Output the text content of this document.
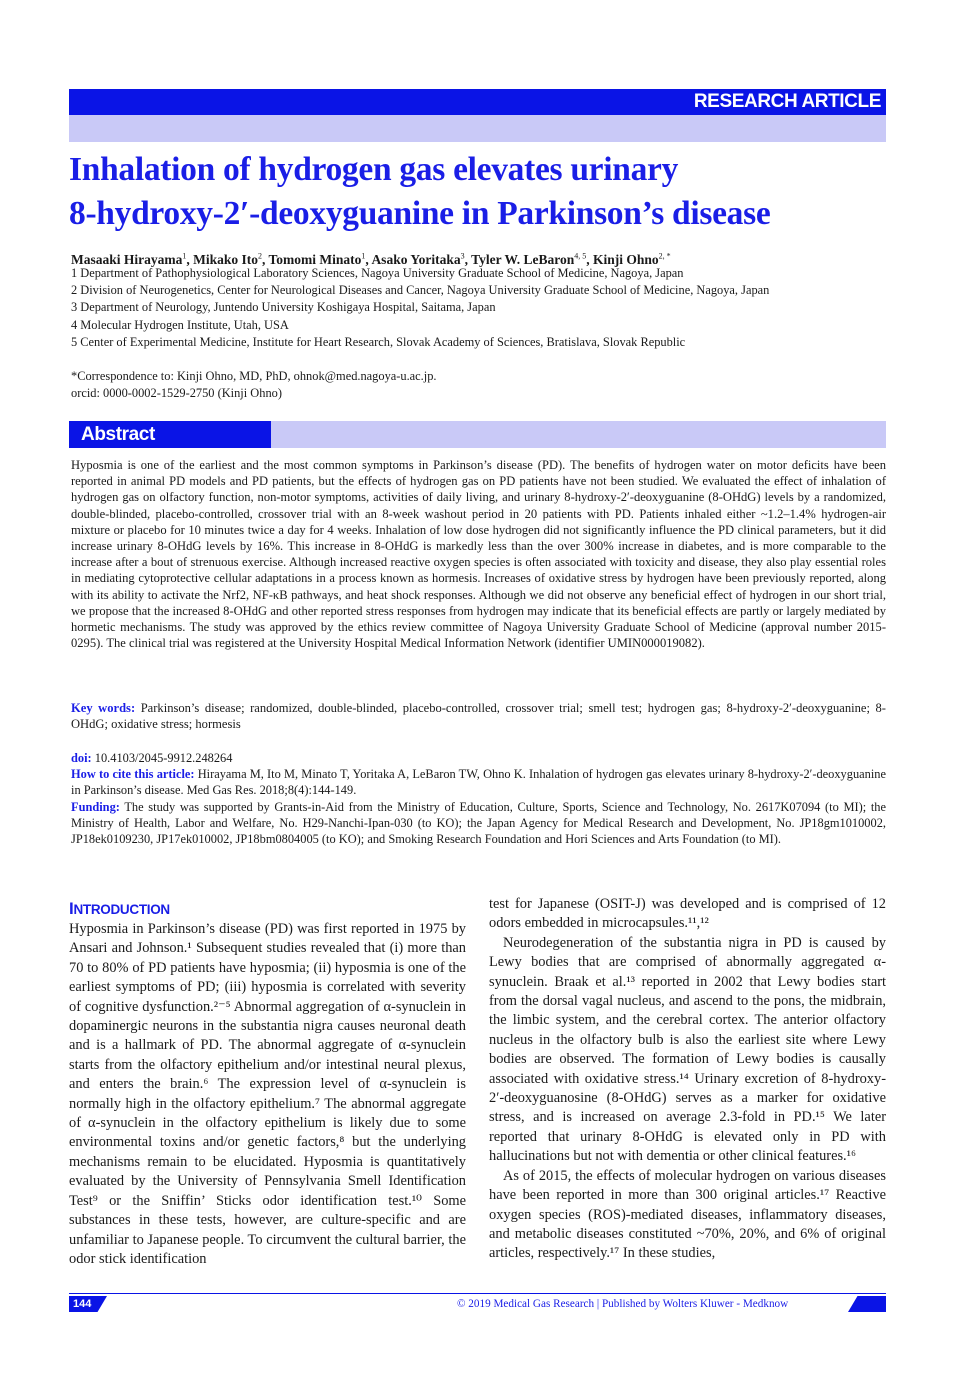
RESEARCH ARTICLE
Inhalation of hydrogen gas elevates urinary
8-hydroxy-2′-deoxyguanine in Parkinson’s disease
Masaaki Hirayama$^1$, Mikako Ito$^2$, Tomomi Minato$^1$, Asako Yoritaka$^3$, Tyler W. LeBaron$^{4, 5}$, Kinji Ohno$^{2, *}$
1 Department of Pathophysiological Laboratory Sciences, Nagoya University Graduate School of Medicine, Nagoya, Japan
2 Division of Neurogenetics, Center for Neurological Diseases and Cancer, Nagoya University Graduate School of Medicine, Nagoya, Japan
3 Department of Neurology, Juntendo University Koshigaya Hospital, Saitama, Japan
4 Molecular Hydrogen Institute, Utah, USA
5 Center of Experimental Medicine, Institute for Heart Research, Slovak Academy of Sciences, Bratislava, Slovak Republic
*Correspondence to: Kinji Ohno, MD, PhD, ohnok@med.nagoya-u.ac.jp.
orcid: 0000-0002-1529-2750 (Kinji Ohno)
Abstract

Hyposmia is one of the earliest and the most common symptoms in Parkinson’s disease (PD). The benefits of hydrogen water on motor deficits have been reported in animal PD models and PD patients, but the effects of hydrogen gas on PD patients have not been studied. We evaluated the effect of inhalation of hydrogen gas on olfactory function, non-motor symptoms, activities of daily living, and urinary 8-hydroxy-2′-deoxyguanine (8-OHdG) levels by a randomized, double-blinded, placebo-controlled, crossover trial with an 8-week washout period in 20 patients with PD. Patients inhaled either ~1.2–1.4% hydrogen-air mixture or placebo for 10 minutes twice a day for 4 weeks. Inhalation of low dose hydrogen did not significantly influence the PD clinical parameters, but it did increase urinary 8-OHdG levels by 16%. This increase in 8-OHdG is markedly less than the over 300% increase in diabetes, and is more comparable to the increase after a bout of strenuous exercise. Although increased reactive oxygen species is often associated with toxicity and disease, they also play essential roles in mediating cytoprotective cellular adaptations in a process known as hormesis. Increases of oxidative stress by hydrogen have been previously reported, along with its ability to activate the Nrf2, NF-κB pathways, and heat shock responses. Although we did not observe any beneficial effect of hydrogen in our short trial, we propose that the increased 8-OHdG and other reported stress responses from hydrogen may indicate that its beneficial effects are partly or largely mediated by hormetic mechanisms. The study was approved by the ethics review committee of Nagoya University Graduate School of Medicine (approval number 2015-0295). The clinical trial was registered at the University Hospital Medical Information Network (identifier UMIN000019082).

Key words: Parkinson’s disease; randomized, double-blinded, placebo-controlled, crossover trial; smell test; hydrogen gas; 8-hydroxy-2′-deoxyguanine; 8-OHdG; oxidative stress; hormesis

doi: 10.4103/2045-9912.248264

How to cite this article: Hirayama M, Ito M, Minato T, Yoritaka A, LeBaron TW, Ohno K. Inhalation of hydrogen gas elevates urinary 8-hydroxy-2′-deoxyguanine in Parkinson’s disease. Med Gas Res. 2018;8(4):144-149.

Funding: The study was supported by Grants-in-Aid from the Ministry of Education, Culture, Sports, Science and Technology, No. 2617K07094 (to MI); the Ministry of Health, Labor and Welfare, No. H29-Nanchi-Ipan-030 (to KO); the Japan Agency for Medical Research and Development, No. JP18gm1010002, JP18ek0109230, JP17ek010002, JP18bm0804005 (to KO); and Smoking Research Foundation and Hori Sciences and Arts Foundation (to MI).

INTRODUCTION

Hyposmia in Parkinson’s disease (PD) was first reported in 1975 by Ansari and Johnson.¹ Subsequent studies revealed that (i) more than 70 to 80% of PD patients have hyposmia; (ii) hyposmia is one of the earliest symptoms of PD; (iii) hyposmia is correlated with severity of cognitive dysfunction.²⁻⁵ Abnormal aggregation of α-synuclein in dopaminergic neurons in the substantia nigra causes neuronal death and is a hallmark of PD. The abnormal aggregate of α-synuclein starts from the olfactory epithelium and/or intestinal neural plexus, and enters the brain.⁶ The expression level of α-synuclein is normally high in the olfactory epithelium.⁷ The abnormal aggregate of α-synuclein in the olfactory epithelium is likely due to some environmental toxins and/or genetic factors,⁸ but the underlying mechanisms remain to be elucidated. Hyposmia is quantitatively evaluated by the University of Pennsylvania Smell Identification Test⁹ or the Sniffin’ Sticks odor identification test.¹⁰ Some substances in these tests, however, are culture-specific and are unfamiliar to Japanese people. To circumvent the cultural barrier, the odor stick identification

test for Japanese (OSIT-J) was developed and is comprised of 12 odors embedded in microcapsules.¹¹,¹²

Neurodegeneration of the substantia nigra in PD is caused by Lewy bodies that are comprised of abnormally aggregated α-synuclein. Braak et al.¹³ reported in 2002 that Lewy bodies start from the dorsal vagal nucleus, and ascend to the pons, the midbrain, the limbic system, and the cerebral cortex. The anterior olfactory nucleus in the olfactory bulb is also the earliest site where Lewy bodies are observed. The formation of Lewy bodies is causally associated with oxidative stress.¹⁴ Urinary excretion of 8-hydroxy-2′-deoxyguanosine (8-OHdG) serves as a marker for oxidative stress, and is increased on average 2.3-fold in PD.¹⁵ We later reported that urinary 8-OHdG is elevated only in PD with hallucinations but not with dementia or other clinical features.¹⁶

As of 2015, the effects of molecular hydrogen on various diseases have been reported in more than 300 original articles.¹⁷ Reactive oxygen species (ROS)-mediated diseases, inflammatory diseases, and metabolic diseases constituted ~70%, 20%, and 6% of original articles, respectively.¹⁷ In these studies,

144	© 2019 Medical Gas Research | Published by Wolters Kluwer - Medknow
